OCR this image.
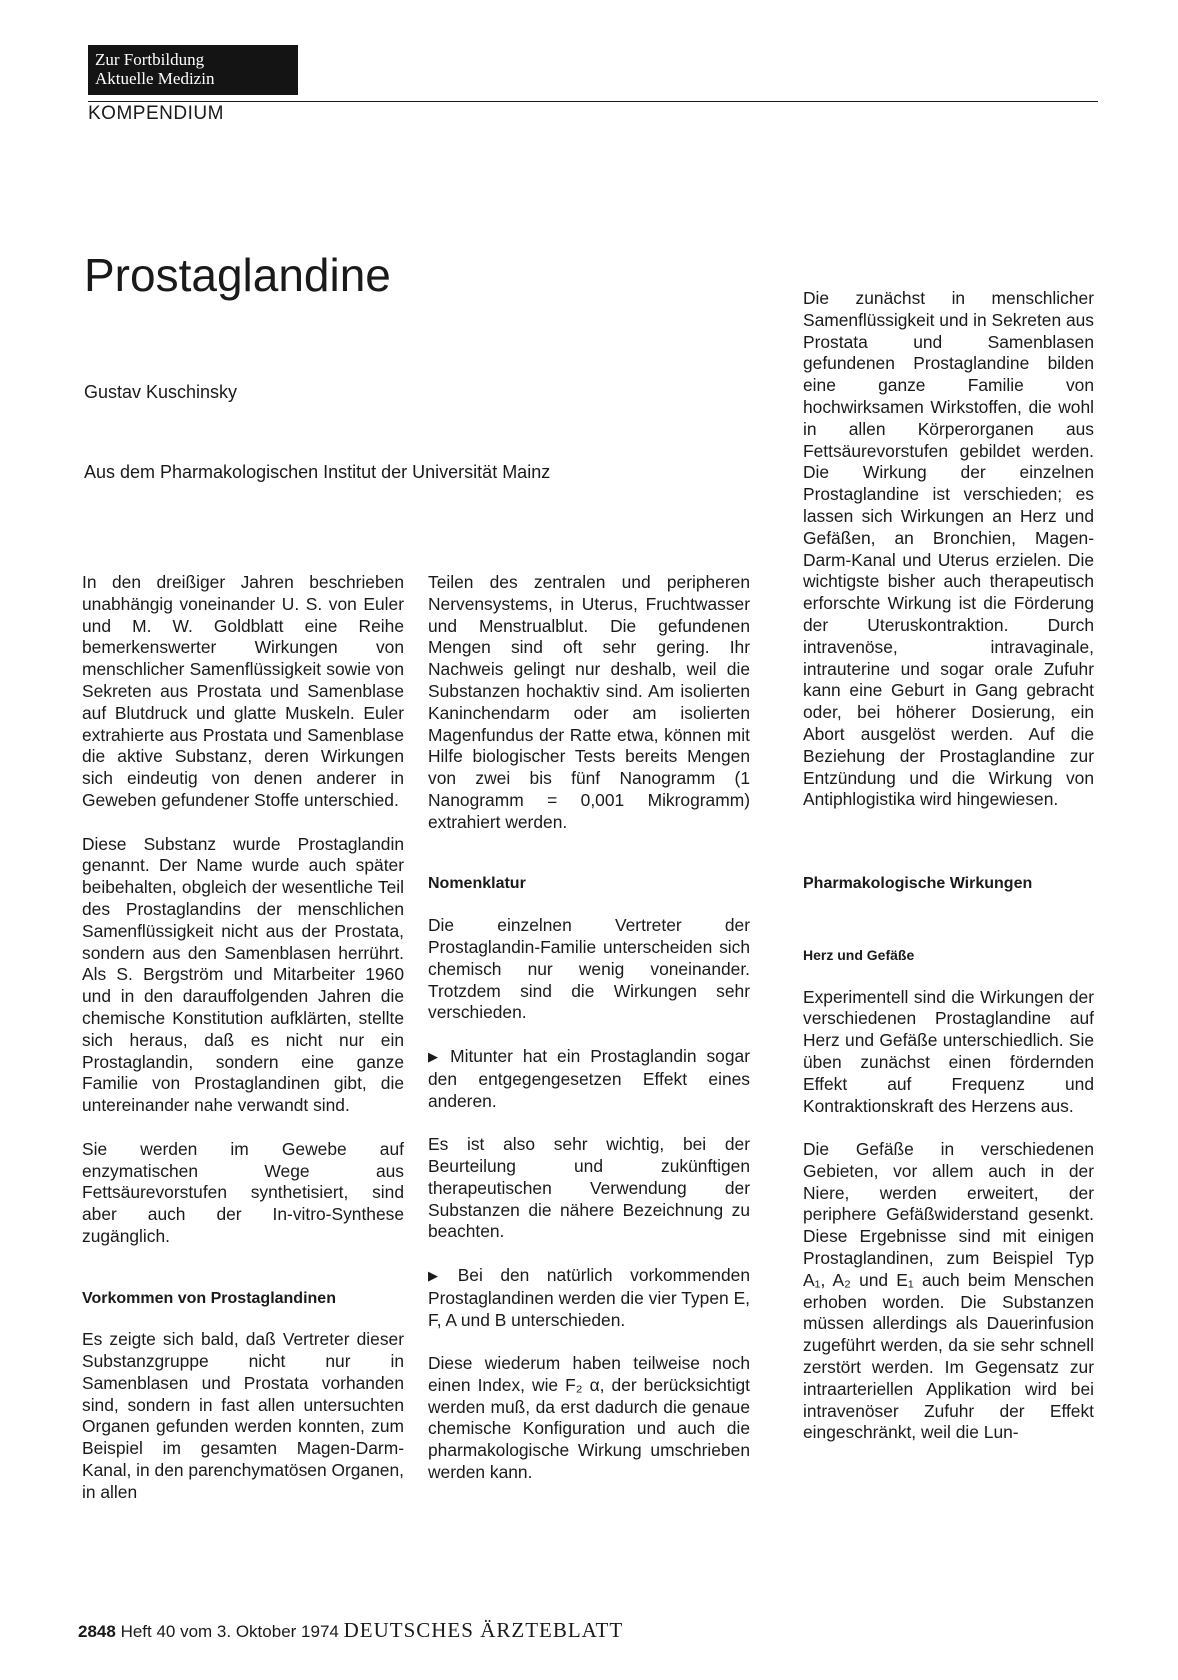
Zur Fortbildung
Aktuelle Medizin
KOMPENDIUM
Prostaglandine
Gustav Kuschinsky
Aus dem Pharmakologischen Institut der Universität Mainz

In den dreißiger Jahren beschrieben unabhängig voneinander U. S. von Euler und M. W. Goldblatt eine Reihe bemerkenswerter Wirkungen von menschlicher Samenflüssigkeit sowie von Sekreten aus Prostata und Samenblase auf Blutdruck und glatte Muskeln. Euler extrahierte aus Prostata und Samenblase die aktive Substanz, deren Wirkungen sich eindeutig von denen anderer in Geweben gefundener Stoffe unterschied.

Diese Substanz wurde Prostaglandin genannt. Der Name wurde auch später beibehalten, obgleich der wesentliche Teil des Prostaglandins der menschlichen Samenflüssigkeit nicht aus der Prostata, sondern aus den Samenblasen herrührt. Als S. Bergström und Mitarbeiter 1960 und in den darauffolgenden Jahren die chemische Konstitution aufklärten, stellte sich heraus, daß es nicht nur ein Prostaglandin, sondern eine ganze Familie von Prostaglandinen gibt, die untereinander nahe verwandt sind.

Sie werden im Gewebe auf enzymatischen Wege aus Fettsäurevorstufen synthetisiert, sind aber auch der In-vitro-Synthese zugänglich.

Vorkommen von Prostaglandinen

Es zeigte sich bald, daß Vertreter dieser Substanzgruppe nicht nur in Samenblasen und Prostata vorhanden sind, sondern in fast allen untersuchten Organen gefunden werden konnten, zum Beispiel im gesamten Magen-Darm-Kanal, in den parenchymatösen Organen, in allen

Teilen des zentralen und peripheren Nervensystems, in Uterus, Fruchtwasser und Menstrualblut. Die gefundenen Mengen sind oft sehr gering. Ihr Nachweis gelingt nur deshalb, weil die Substanzen hochaktiv sind. Am isolierten Kaninchendarm oder am isolierten Magenfundus der Ratte etwa, können mit Hilfe biologischer Tests bereits Mengen von zwei bis fünf Nanogramm (1 Nanogramm = 0,001 Mikrogramm) extrahiert werden.

Nomenklatur

Die einzelnen Vertreter der Prostaglandin-Familie unterscheiden sich chemisch nur wenig voneinander. Trotzdem sind die Wirkungen sehr verschieden.

▶ Mitunter hat ein Prostaglandin sogar den entgegengesetzen Effekt eines anderen.

Es ist also sehr wichtig, bei der Beurteilung und zukünftigen therapeutischen Verwendung der Substanzen die nähere Bezeichnung zu beachten.

▶ Bei den natürlich vorkommenden Prostaglandinen werden die vier Typen E, F, A und B unterschieden.

Diese wiederum haben teilweise noch einen Index, wie F₂ α, der berücksichtigt werden muß, da erst dadurch die genaue chemische Konfiguration und auch die pharmakologische Wirkung umschrieben werden kann.

Die zunächst in menschlicher Samenflüssigkeit und in Sekreten aus Prostata und Samenblasen gefundenen Prostaglandine bilden eine ganze Familie von hochwirksamen Wirkstoffen, die wohl in allen Körperorganen aus Fettsäurevorstufen gebildet werden. Die Wirkung der einzelnen Prostaglandine ist verschieden; es lassen sich Wirkungen an Herz und Gefäßen, an Bronchien, Magen-Darm-Kanal und Uterus erzielen. Die wichtigste bisher auch therapeutisch erforschte Wirkung ist die Förderung der Uteruskontraktion. Durch intravenöse, intravaginale, intrauterine und sogar orale Zufuhr kann eine Geburt in Gang gebracht oder, bei höherer Dosierung, ein Abort ausgelöst werden. Auf die Beziehung der Prostaglandine zur Entzündung und die Wirkung von Antiphlogistika wird hingewiesen.

Pharmakologische Wirkungen
Herz und Gefäße

Experimentell sind die Wirkungen der verschiedenen Prostaglandine auf Herz und Gefäße unterschiedlich. Sie üben zunächst einen fördernden Effekt auf Frequenz und Kontraktionskraft des Herzens aus.

Die Gefäße in verschiedenen Gebieten, vor allem auch in der Niere, werden erweitert, der periphere Gefäßwiderstand gesenkt. Diese Ergebnisse sind mit einigen Prostaglandinen, zum Beispiel Typ A₁, A₂ und E₁ auch beim Menschen erhoben worden. Die Substanzen müssen allerdings als Dauerinfusion zugeführt werden, da sie sehr schnell zerstört werden. Im Gegensatz zur intraarteriellen Applikation wird bei intravenöser Zufuhr der Effekt eingeschränkt, weil die Lun-

2848 Heft 40 vom 3. Oktober 1974 DEUTSCHES ÄRZTEBLATT
